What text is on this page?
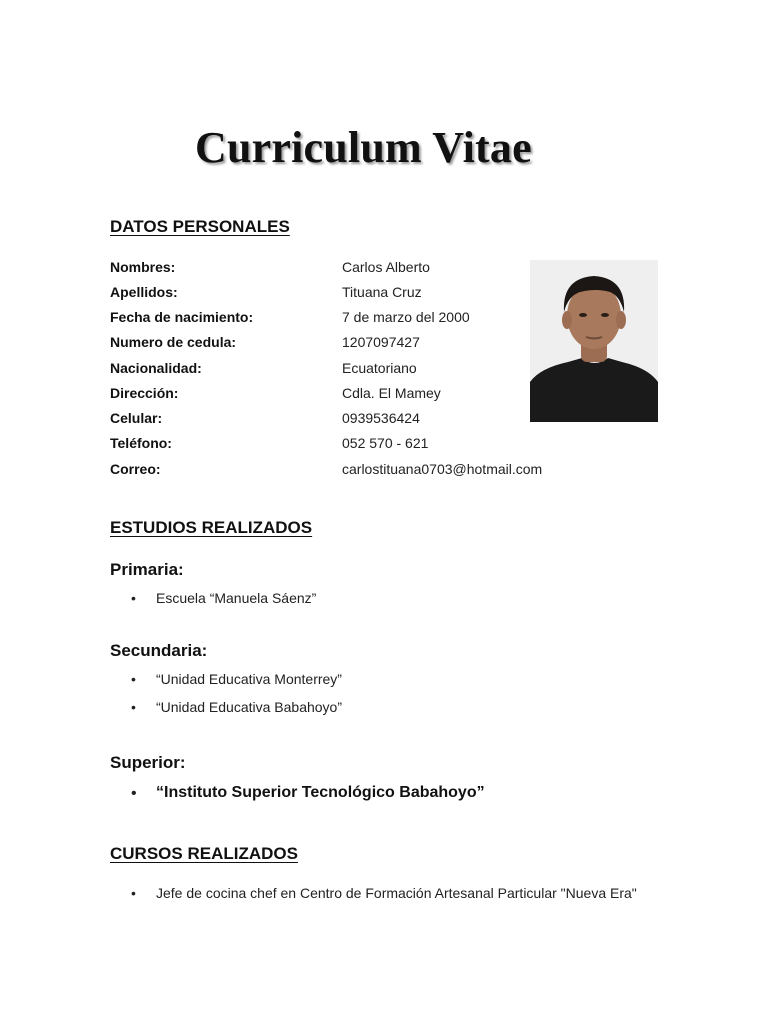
Curriculum Vitae
DATOS PERSONALES
Nombres:	Carlos Alberto
Apellidos:	Tituana Cruz
Fecha de nacimiento:	7 de marzo del 2000
Numero de cedula:	1207097427
Nacionalidad:	Ecuatoriano
Dirección:	Cdla. El Mamey
Celular:	0939536424
Teléfono:	052 570 - 621
Correo:	carlostituana0703@hotmail.com
ESTUDIOS REALIZADOS
Primaria:
• Escuela “Manuela Sáenz”
Secundaria:
• “Unidad Educativa Monterrey”
• “Unidad Educativa Babahoyo”
Superior:
• “Instituto Superior Tecnológico Babahoyo”
CURSOS REALIZADOS
• Jefe de cocina chef en Centro de Formación Artesanal Particular "Nueva Era"
